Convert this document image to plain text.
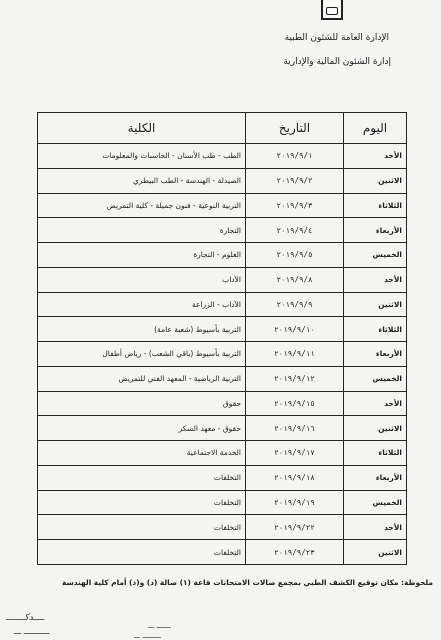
الإدارة العامة للشئون الطبية
إدارة الشئون المالية والإدارية
اليوم	التاريخ	الكلية
الأحد	٢٠١٩/٩/١	الطب - طب الأسنان - الحاسبات والمعلومات
الاثنين	٢٠١٩/٩/٢	الصيدلة - الهندسة - الطب البيطري
الثلاثاء	٢٠١٩/٩/٣	التربية النوعية - فنون جميلة - كلية التمريض
الأربعاء	٢٠١٩/٩/٤	التجارة
الخميس	٢٠١٩/٩/٥	العلوم - التجارة
الأحد	٢٠١٩/٩/٨	الآداب
الاثنين	٢٠١٩/٩/٩	الآداب - الزراعة
الثلاثاء	٢٠١٩/٩/١٠	التربية بأسيوط (شعبة عامة)
الأربعاء	٢٠١٩/٩/١١	التربية بأسيوط (باقي الشعب) - رياض أطفال
الخميس	٢٠١٩/٩/١٢	التربية الرياضية - المعهد الفني للتمريض
الأحد	٢٠١٩/٩/١٥	حقوق
الاثنين	٢٠١٩/٩/١٦	حقوق - معهد السكر
الثلاثاء	٢٠١٩/٩/١٧	الخدمة الاجتماعية
الأربعاء	٢٠١٩/٩/١٨	التخلفات
الخميس	٢٠١٩/٩/١٩	التخلفات
الأحد	٢٠١٩/٩/٢٢	التخلفات
الاثنين	٢٠١٩/٩/٢٣	التخلفات
ملحوظة: مكان توقيع الكشف الطبي بمجمع صالات الامتحانات قاعة (١) صالة (د) و(ذ) أمام كلية الهندسة
ــــدكـــــــ
ـــــــــــ ـــ
ـــــــ ـــ
ـــــــــ ـــ
